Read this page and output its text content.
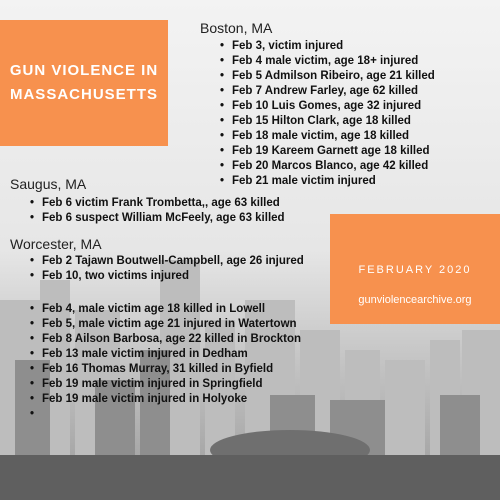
GUN VIOLENCE IN
MASSACHUSETTS
Boston, MA
• Feb 3, victim injured
• Feb 4 male victim, age 18+ injured
• Feb 5 Admilson Ribeiro, age 21 killed
• Feb 7 Andrew Farley, age 62 killed
• Feb 10 Luis Gomes, age 32 injured
• Feb 15 Hilton Clark, age 18 killed
• Feb 18 male victim, age 18 killed
• Feb 19 Kareem Garnett age 18 killed
• Feb 20 Marcos Blanco, age 42 killed
• Feb 21 male victim injured
Saugus, MA
• Feb 6 victim Frank Trombetta,, age 63 killed
• Feb 6 suspect William McFeely, age 63 killed
Worcester, MA
• Feb 2 Tajawn Boutwell-Campbell, age 26 injured
• Feb 10, two victims injured	FEBRUARY 2020
gunviolencearchive.org
• Feb 4, male victim age 18 killed in Lowell
• Feb 5, male victim age 21 injured in Watertown
• Feb 8 Ailson Barbosa, age 22 killed in Brockton
• Feb 13 male victim injured in Dedham
• Feb 16 Thomas Murray, 31 killed in Byfield
• Feb 19 male victim injured in Springfield
• Feb 19 male victim injured in Holyoke
•
